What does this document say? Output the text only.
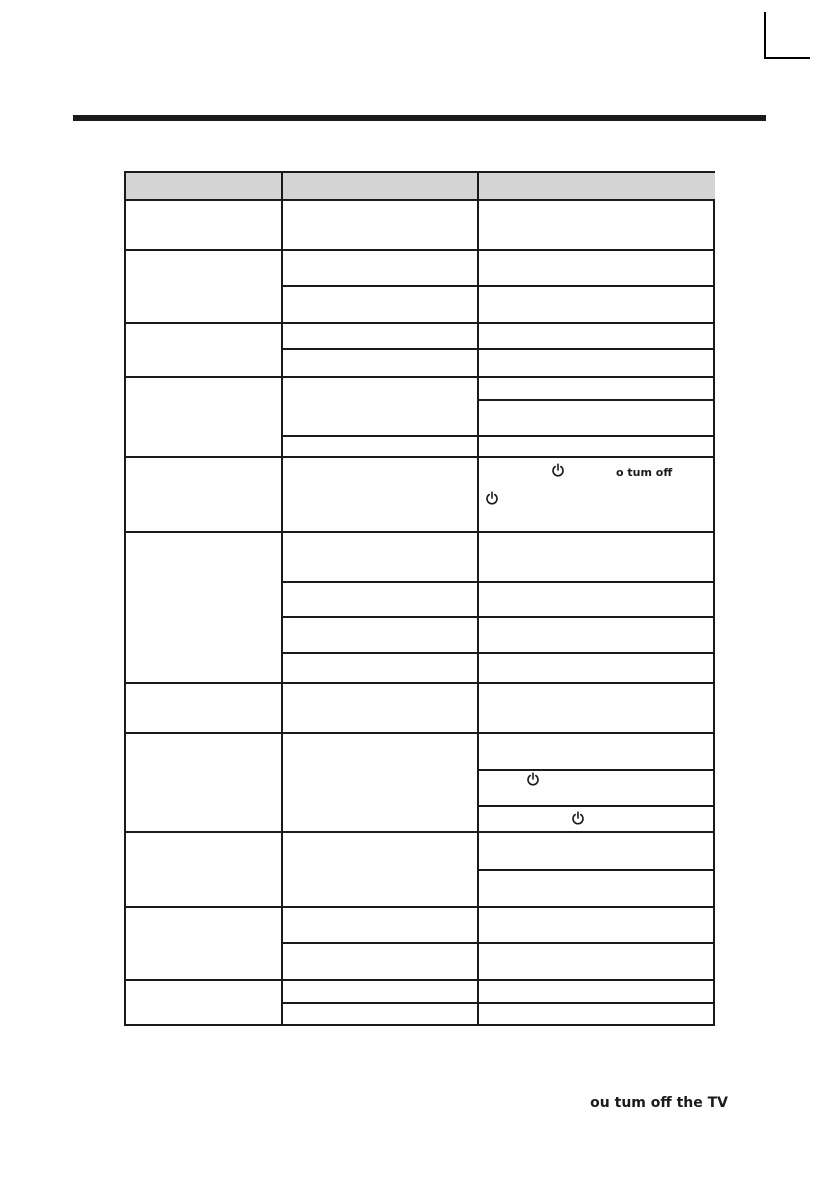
o tum off
ou tum off the TV
